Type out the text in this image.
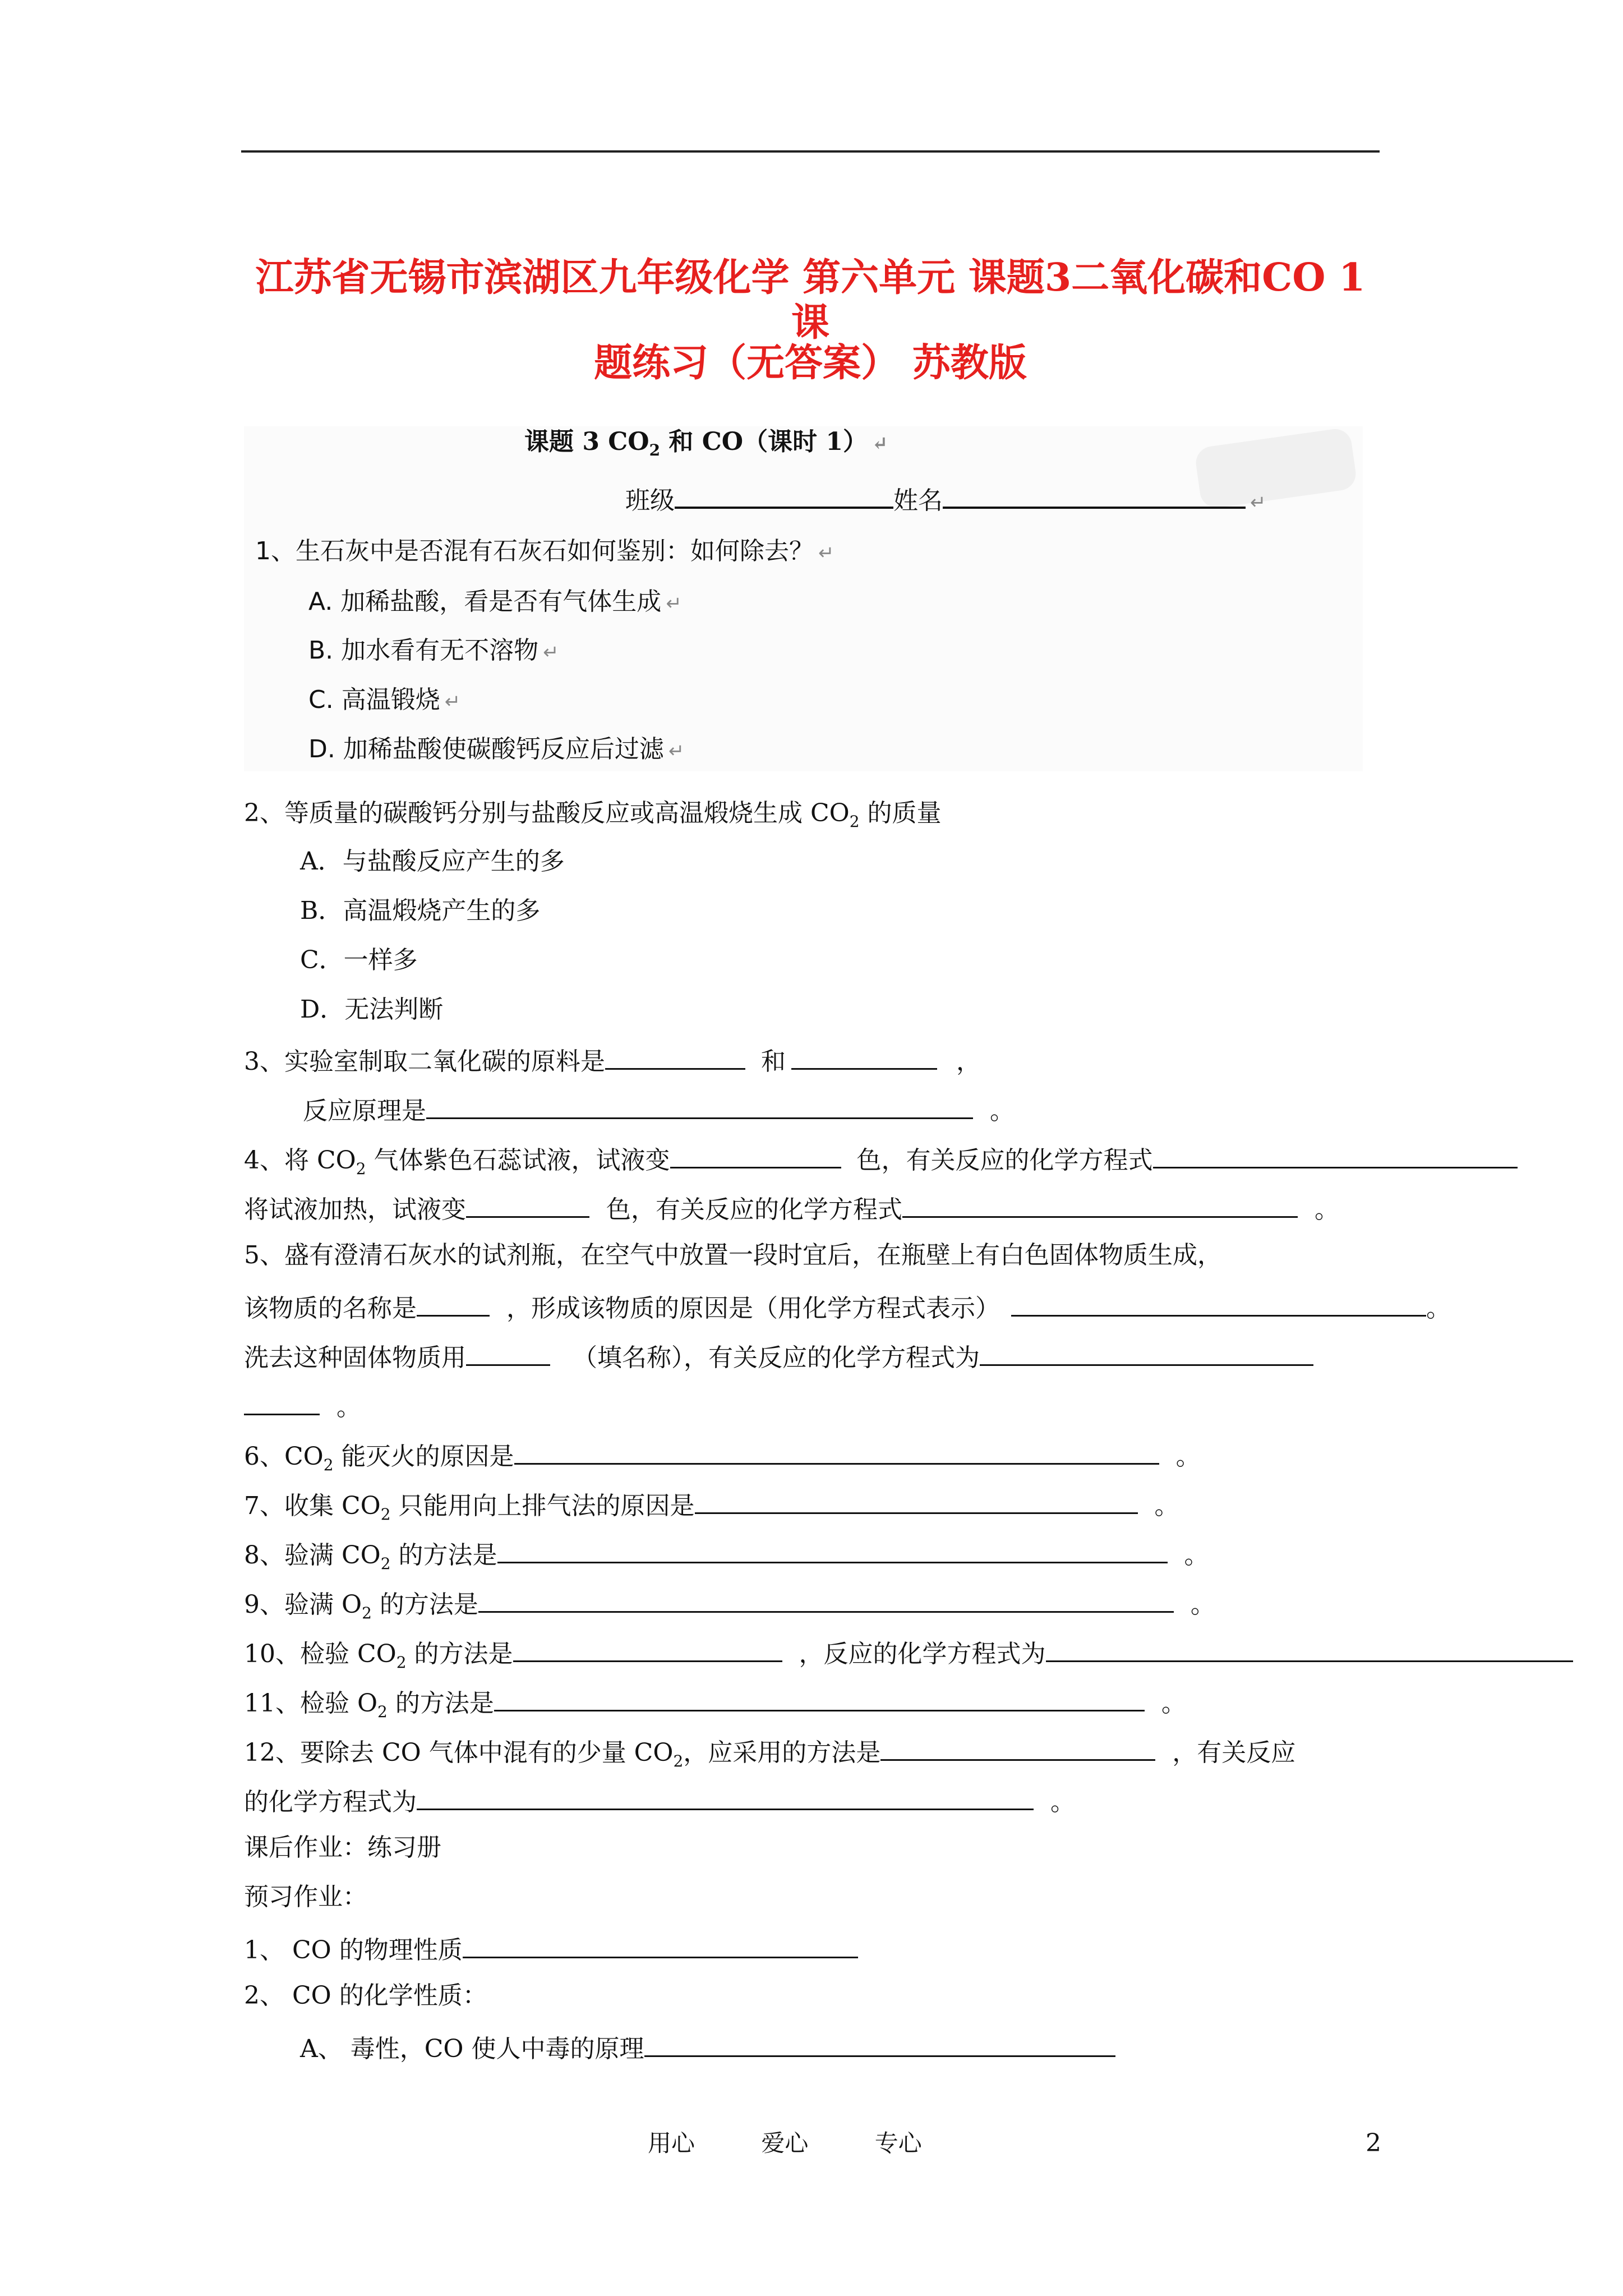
江苏省无锡市滨湖区九年级化学 第六单元 课题3二氧化碳和CO 1课
题练习（无答案） 苏教版
课题 3 $CO_2$ 和 CO（课时 1） ↵
班级	姓名	↵
1、生石灰中是否混有石灰石如何鉴别：如何除去？ ↵
A. 加稀盐酸，看是否有气体生成 ↵
B. 加水看有无不溶物 ↵
C. 高温锻烧 ↵
D. 加稀盐酸使碳酸钙反应后过滤 ↵
2、等质量的碳酸钙分别与盐酸反应或高温煅烧生成 $CO_2$ 的质量
A．与盐酸反应产生的多
B．高温煅烧产生的多
C．一样多
D．无法判断
3、实验室制取二氧化碳的原料是	和	，
反应原理是	。
4、将 $CO_2$ 气体紫色石蕊试液，试液变	色，有关反应的化学方程式
将试液加热，试液变	色，有关反应的化学方程式	。
5、盛有澄清石灰水的试剂瓶，在空气中放置一段时宜后，在瓶壁上有白色固体物质生成，
该物质的名称是	，形成该物质的原因是（用化学方程式表示）	。
洗去这种固体物质用	（填名称），有关反应的化学方程式为
。
6、$CO_2$ 能灭火的原因是	。
7、收集 $CO_2$ 只能用向上排气法的原因是	。
8、验满 $CO_2$ 的方法是	。
9、验满 $O_2$ 的方法是	。
10、检验 $CO_2$ 的方法是	，反应的化学方程式为
11、检验 $O_2$ 的方法是	。
12、要除去 CO 气体中混有的少量 $CO_2$，应采用的方法是	，有关反应
的化学方程式为	。
课后作业：练习册
预习作业：
1、 CO 的物理性质
2、 CO 的化学性质：
A、 毒性，CO 使人中毒的原理
用心	爱心	专心	2
